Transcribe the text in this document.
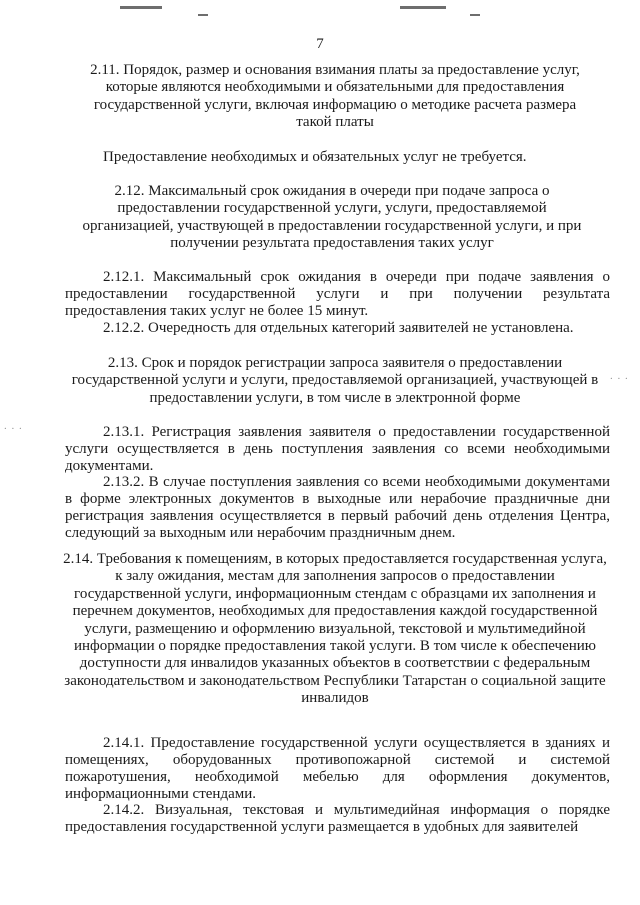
. . .
. . .
7
2.11. Порядок, размер и основания взимания платы за предоставление услуг, которые являются необходимыми и обязательными для предоставления государственной услуги, включая информацию о методике расчета размера такой платы
Предоставление необходимых и обязательных услуг не требуется.
2.12. Максимальный срок ожидания в очереди при подаче запроса о предоставлении государственной услуги, услуги, предоставляемой организацией, участвующей в предоставлении государственной услуги, и при получении результата предоставления таких услуг
2.12.1. Максимальный срок ожидания в очереди при подаче заявления о предоставлении государственной услуги и при получении результата предоставления таких услуг не более 15 минут.
2.12.2. Очередность для отдельных категорий заявителей не установлена.
2.13. Срок и порядок регистрации запроса заявителя о предоставлении государственной услуги и услуги, предоставляемой организацией, участвующей в предоставлении услуги, в том числе в электронной форме
2.13.1. Регистрация заявления заявителя о предоставлении государственной услуги осуществляется в день поступления заявления со всеми необходимыми документами.
2.13.2. В случае поступления заявления со всеми необходимыми документами в форме электронных документов в выходные или нерабочие праздничные дни регистрация заявления осуществляется в первый рабочий день отделения Центра, следующий за выходным или нерабочим праздничным днем.
2.14. Требования к помещениям, в которых предоставляется государственная услуга, к залу ожидания, местам для заполнения запросов о предоставлении государственной услуги, информационным стендам с образцами их заполнения и перечнем документов, необходимых для предоставления каждой государственной услуги, размещению и оформлению визуальной, текстовой и мультимедийной информации о порядке предоставления такой услуги. В том числе к обеспечению доступности для инвалидов указанных объектов в соответствии с федеральным законодательством и законодательством Республики Татарстан о социальной защите инвалидов
2.14.1. Предоставление государственной услуги осуществляется в зданиях и помещениях, оборудованных противопожарной системой и системой пожаротушения, необходимой мебелью для оформления документов, информационными стендами.
2.14.2. Визуальная, текстовая и мультимедийная информация о порядке предоставления государственной услуги размещается в удобных для заявителей
